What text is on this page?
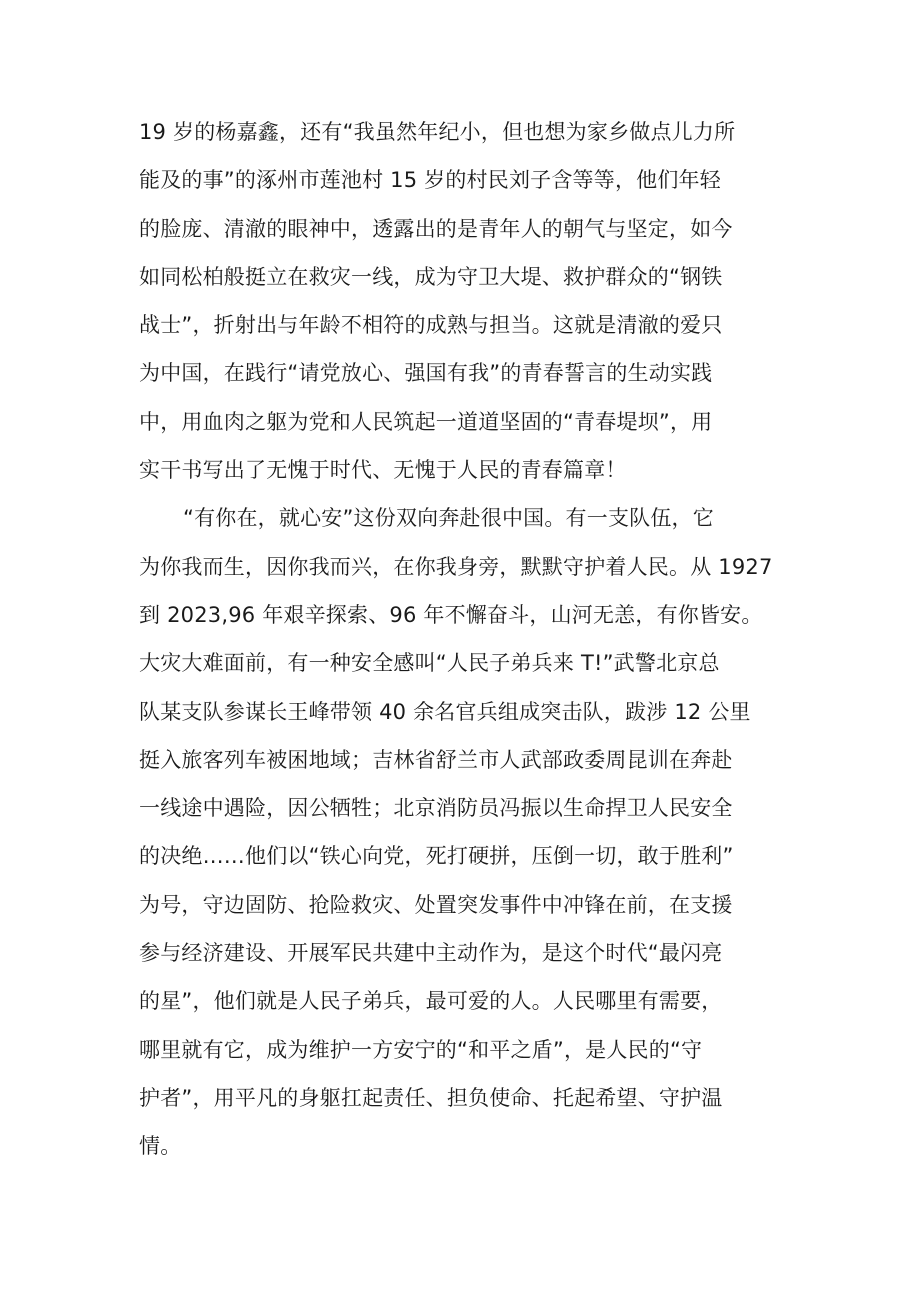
19 岁的杨嘉鑫，还有“我虽然年纪小，但也想为家乡做点儿力所
能及的事”的涿州市莲池村 15 岁的村民刘子含等等，他们年轻
的脸庞、清澈的眼神中，透露出的是青年人的朝气与坚定，如今
如同松柏般挺立在救灾一线，成为守卫大堤、救护群众的“钢铁
战士”，折射出与年龄不相符的成熟与担当。这就是清澈的爱只
为中国，在践行“请党放心、强国有我”的青春誓言的生动实践
中，用血肉之躯为党和人民筑起一道道坚固的“青春堤坝”，用
实干书写出了无愧于时代、无愧于人民的青春篇章！
“有你在，就心安”这份双向奔赴很中国。有一支队伍，它
为你我而生，因你我而兴，在你我身旁，默默守护着人民。从 1927
到 2023,96 年艰辛探索、96 年不懈奋斗，山河无恙，有你皆安。
大灾大难面前，有一种安全感叫“人民子弟兵来 T!”武警北京总
队某支队参谋长王峰带领 40 余名官兵组成突击队，跋涉 12 公里
挺入旅客列车被困地域；吉林省舒兰市人武部政委周昆训在奔赴
一线途中遇险，因公牺牲；北京消防员冯振以生命捍卫人民安全
的决绝……他们以“铁心向党，死打硬拼，压倒一切，敢于胜利”
为号，守边固防、抢险救灾、处置突发事件中冲锋在前，在支援
参与经济建设、开展军民共建中主动作为，是这个时代“最闪亮
的星”，他们就是人民子弟兵，最可爱的人。人民哪里有需要，
哪里就有它，成为维护一方安宁的“和平之盾”，是人民的“守
护者”，用平凡的身躯扛起责任、担负使命、托起希望、守护温
情。
